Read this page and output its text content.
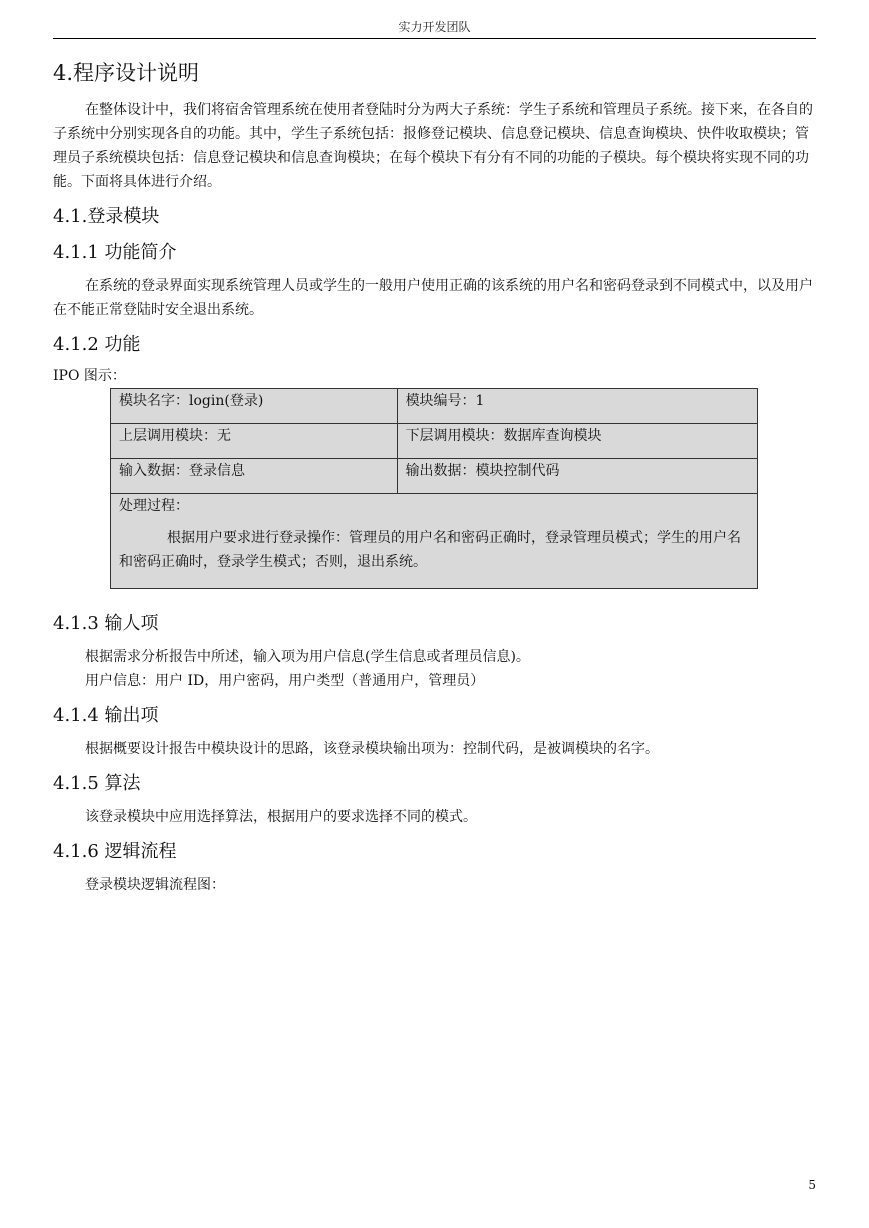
实力开发团队
4.程序设计说明

在整体设计中，我们将宿舍管理系统在使用者登陆时分为两大子系统：学生子系统和管理员子系统。接下来，在各自的子系统中分别实现各自的功能。其中，学生子系统包括：报修登记模块、信息登记模块、信息查询模块、快件收取模块；管理员子系统模块包括：信息登记模块和信息查询模块；在每个模块下有分有不同的功能的子模块。每个模块将实现不同的功能。下面将具体进行介绍。

4.1.登录模块
4.1.1 功能简介

在系统的登录界面实现系统管理人员或学生的一般用户使用正确的该系统的用户名和密码登录到不同模式中，以及用户在不能正常登陆时安全退出系统。

4.1.2 功能
IPO 图示：
模块名字：login(登录)	模块编号：1
上层调用模块：无	下层调用模块：数据库查询模块
输入数据：登录信息	输出数据：模块控制代码

处理过程：
根据用户要求进行登录操作：管理员的用户名和密码正确时，登录管理员模式；学生的用户名和密码正确时，登录学生模式；否则，退出系统。	
4.1.3 输人项

根据需求分析报告中所述，输入项为用户信息(学生信息或者理员信息)。

用户信息：用户 ID，用户密码，用户类型（普通用户，管理员）

4.1.4 输出项

根据概要设计报告中模块设计的思路，该登录模块输出项为：控制代码，是被调模块的名字。

4.1.5 算法

该登录模块中应用选择算法，根据用户的要求选择不同的模式。

4.1.6 逻辑流程

登录模块逻辑流程图：

5
